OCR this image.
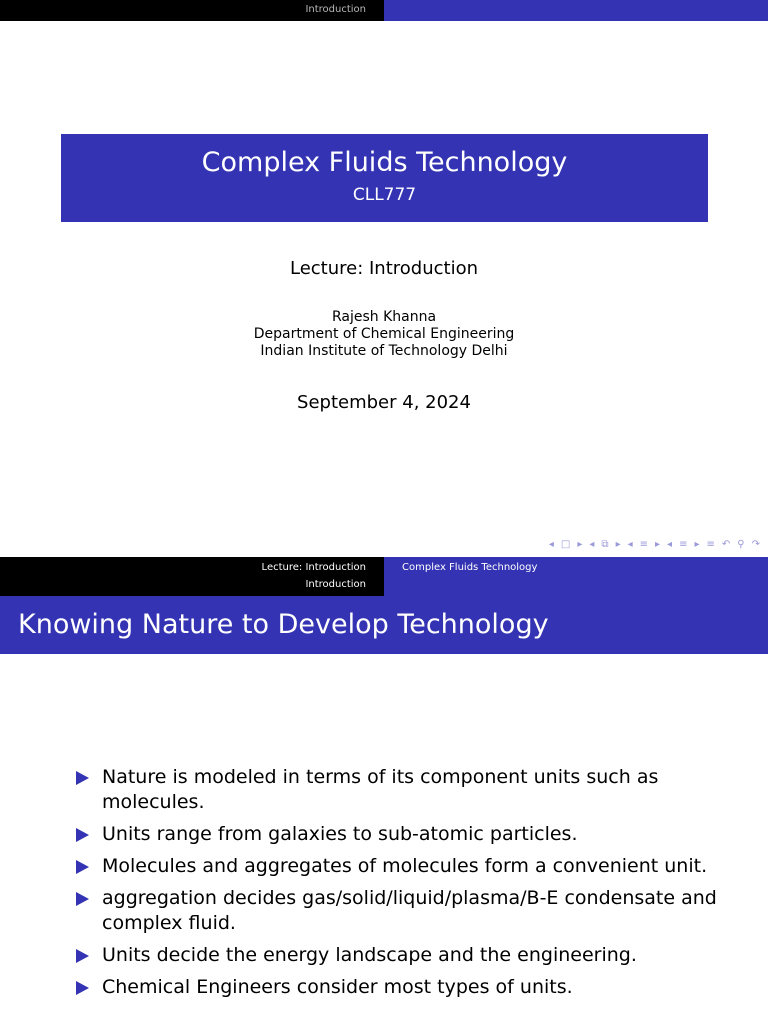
Introduction
Complex Fluids Technology
CLL777
Lecture: Introduction
Rajesh Khanna
Department of Chemical Engineering
Indian Institute of Technology Delhi
September 4, 2024
◂ □ ▸ ◂ ⧉ ▸ ◂ ≡ ▸ ◂ ≡ ▸ ≡ ↶ ⚲ ↷
Lecture: Introduction
Introduction
Complex Fluids Technology
Knowing Nature to Develop Technology
Nature is modeled in terms of its component units such as molecules.
Units range from galaxies to sub-atomic particles.
Molecules and aggregates of molecules form a convenient unit.
aggregation decides gas/solid/liquid/plasma/B-E condensate and complex fluid.
Units decide the energy landscape and the engineering.
Chemical Engineers consider most types of units.
